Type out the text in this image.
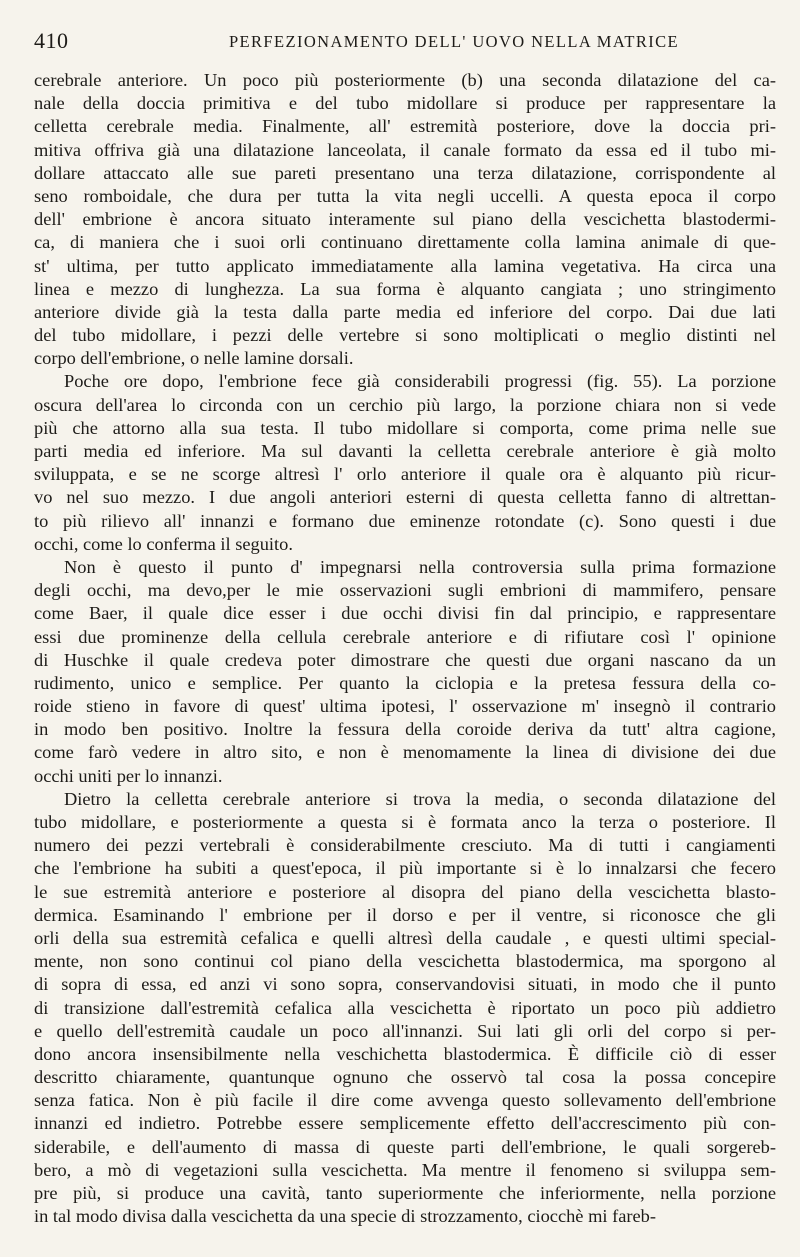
410	PERFEZIONAMENTO DELL' UOVO NELLA MATRICE

cerebrale anteriore. Un poco più posteriormente (b) una seconda dilatazione del ca-
nale della doccia primitiva e del tubo midollare si produce per rappresentare la
celletta cerebrale media. Finalmente, all' estremità posteriore, dove la doccia pri-
mitiva offriva già una dilatazione lanceolata, il canale formato da essa ed il tubo mi-
dollare attaccato alle sue pareti presentano una terza dilatazione, corrispondente al
seno romboidale, che dura per tutta la vita negli uccelli. A questa epoca il corpo
dell' embrione è ancora situato interamente sul piano della vescichetta blastodermi-
ca, di maniera che i suoi orli continuano direttamente colla lamina animale di que-
st' ultima, per tutto applicato immediatamente alla lamina vegetativa. Ha circa una
linea e mezzo di lunghezza. La sua forma è alquanto cangiata ; uno stringimento
anteriore divide già la testa dalla parte media ed inferiore del corpo. Dai due lati
del tubo midollare, i pezzi delle vertebre si sono moltiplicati o meglio distinti nel
corpo dell'embrione, o nelle lamine dorsali.

Poche ore dopo, l'embrione fece già considerabili progressi (fig. 55). La porzione
oscura dell'area lo circonda con un cerchio più largo, la porzione chiara non si vede
più che attorno alla sua testa. Il tubo midollare si comporta, come prima nelle sue
parti media ed inferiore. Ma sul davanti la celletta cerebrale anteriore è già molto
sviluppata, e se ne scorge altresì l' orlo anteriore il quale ora è alquanto più ricur-
vo nel suo mezzo. I due angoli anteriori esterni di questa celletta fanno di altrettan-
to più rilievo all' innanzi e formano due eminenze rotondate (c). Sono questi i due
occhi, come lo conferma il seguito.

Non è questo il punto d' impegnarsi nella controversia sulla prima formazione
degli occhi, ma devo,per le mie osservazioni sugli embrioni di mammifero, pensare
come Baer, il quale dice esser i due occhi divisi fin dal principio, e rappresentare
essi due prominenze della cellula cerebrale anteriore e di rifiutare così l' opinione
di Huschke il quale credeva poter dimostrare che questi due organi nascano da un
rudimento, unico e semplice. Per quanto la ciclopia e la pretesa fessura della co-
roide stieno in favore di quest' ultima ipotesi, l' osservazione m' insegnò il contrario
in modo ben positivo. Inoltre la fessura della coroide deriva da tutt' altra cagione,
come farò vedere in altro sito, e non è menomamente la linea di divisione dei due
occhi uniti per lo innanzi.

Dietro la celletta cerebrale anteriore si trova la media, o seconda dilatazione del
tubo midollare, e posteriormente a questa si è formata anco la terza o posteriore. Il
numero dei pezzi vertebrali è considerabilmente cresciuto. Ma di tutti i cangiamenti
che l'embrione ha subiti a quest'epoca, il più importante si è lo innalzarsi che fecero
le sue estremità anteriore e posteriore al disopra del piano della vescichetta blasto-
dermica. Esaminando l' embrione per il dorso e per il ventre, si riconosce che gli
orli della sua estremità cefalica e quelli altresì della caudale , e questi ultimi special-
mente, non sono continui col piano della vescichetta blastodermica, ma sporgono al
di sopra di essa, ed anzi vi sono sopra, conservandovisi situati, in modo che il punto
di transizione dall'estremità cefalica alla vescichetta è riportato un poco più addietro
e quello dell'estremità caudale un poco all'innanzi. Sui lati gli orli del corpo si per-
dono ancora insensibilmente nella veschichetta blastodermica. È difficile ciò di esser
descritto chiaramente, quantunque ognuno che osservò tal cosa la possa concepire
senza fatica. Non è più facile il dire come avvenga questo sollevamento dell'embrione
innanzi ed indietro. Potrebbe essere semplicemente effetto dell'accrescimento più con-
siderabile, e dell'aumento di massa di queste parti dell'embrione, le quali sorgereb-
bero, a mò di vegetazioni sulla vescichetta. Ma mentre il fenomeno si sviluppa sem-
pre più, si produce una cavità, tanto superiormente che inferiormente, nella porzione
in tal modo divisa dalla vescichetta da una specie di strozzamento, ciocchè mi fareb-
